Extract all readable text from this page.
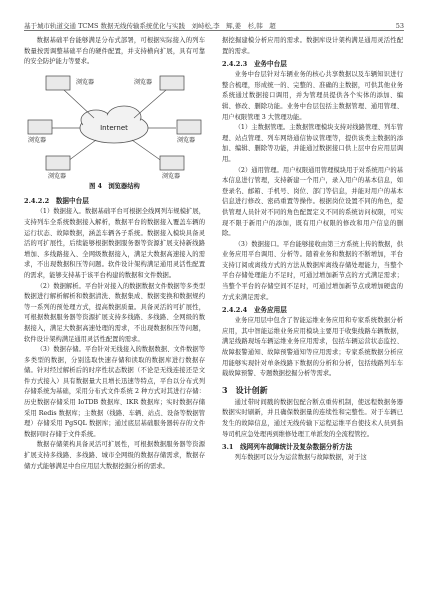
基于城市轨道交通 TCMS 数据无线传输系统优化与实践　刘峙松,李　辉,姜　杉,韩　超	53

数据基础平台能够满足分布式部署，可根据实际接入的列车数量按需调整基础平台的硬件配置，并支持横向扩展，具有可靠的安全防护能力等要求。

Internet
浏览器	浏览器
浏览器	浏览器
浏览器	浏览器

图 4　浏览器结构

2.4.2.2　数据中台层

（1）数据接入。数据基础平台可根据全线网列车规模扩展，支持列车全系统数据接入解析，数据平台的数据接入覆盖车辆的运行状态、故障数据，涵盖车辆各子系统。数据接入模块具备灵活的可扩展性，后续能够根据数据服务器等资源扩展支持新线路增加、多线路接入、全网级数据接入，满足大数据高速接入的需求，不出现数据积压等问题。软件设计架构满足通用灵活性配置的需求，能够支持基于该平台构建的数据和文件数据。

（2）数据解析。平台针对接入的数据数据文件数据等多类型数据进行解析解析和数据清洗、数据集成、数据变换和数据规约等一系列的预处理方式，提高数据质量。具备灵活的可扩展性，可根据数据服务器等资源扩展支持多线路、多线路、全网级的数据接入，满足大数据高速处理的需求，不出现数据积压等问题，软件设计架构满足通用灵活性配置的需求。

（3）数据存储。平台针对无线接入的数据数据、文件数据等多类型的数据，分别选取快速存储和读取的数据库进行数据存储。针对经过解析后的时序性状态数据（不论是无线连接还是文件方式接入）具有数据量大且增长迅速等特点，平台以分布式列存储系统为基础，采用分布式文件系统 2 种方式对其进行存储：历史数据存储采用 IoTDB 数据库、IKR 数据库；实时数据存储采用 Redis 数据库；主数据（线路、车辆、站点、设备等数据管理）存储采用 PgSQL 数据库；通过底层基础服务器转存的文件数据同时存储于文件系统。

数据存储架构具备灵活可扩展性，可根据数据服务器等资源扩展支持多线路、多线路、城市全网级的数据存储需求，数据存储方式能够满足中台应用层大数据挖掘分析的需求。

据挖掘建模分析应用的需求。数据库设计架构满足通用灵活性配置的需求。

2.4.2.3　业务中台层

业务中台层针对车辆业务的核心共享数据以及车辆知识进行整合梳理，形成统一的、完整的、准确的主数据，可供其他业务系统通过数据接口调用，并为管理员提供各个实体的添加、编辑、修改、删除功能。业务中台层包括主数据管理、通用管理、用户权限管理 3 大管理功能。

（1）主数据管理。主数据管理模块支持对线路管理、列车管理、站点管理、列车网络通信协议管理等，提供该类主数据的添加、编辑、删除等功能，并能通过数据接口供上层中台应用层调用。

（2）通用管理。用户权限通用管理模块用于对系统用户的基本信息进行管理，支持新建一个用户，录入用户的基本信息，如登录名、邮箱、手机号、岗位、部门等信息，并能对用户的基本信息进行修改、密码重置等操作。根据岗位设置不同的角色，提供管理人员针对不同的角色配置定义不同的系统访问权限，可实现不限于新用户的添加，既有用户权限的修改和用户信息的删除。

（3）数据接口。平台能够接收由第三方系统上传的数据，供业务应用平台调用、分析等。随着业务和数据的不断增加，平台支持订阅或离线方式的方法从数据库离线存储处理能力，当整个平台存储处理能力不足时，可通过增加新节点的方式满足需求；当整个平台的存储空间不足时，可通过增加新节点或增加硬盘的方式来满足需求。

2.4.2.4　业务应用层

业务应用层中包含了智能运维业务应用和专家系统数据分析应用，其中智能运维业务应用模块主要用于收集线路车辆数据，满足线路现场车辆运维业务应用需求，包括车辆运营状态监控、故障报警通知、故障预警通知等应用需求；专家系统数据分析应用能够实现针对单条线路下数据的分析和分析，包括线路列车车载故障预警、专题数据挖掘分析等需求。

3　设计创新

通过带时间戳的数据包配合断点重传机制，使远程数据务器数据实时刷新，并且确保数据量的连续性和完整性。对于车辆已发生的故障信息，通过无线传输下运程运维平台使技术人员到指导司机应急处理再到维修处理工单派发的全流程管控。

3.1　线网列车故障统计及复杂数据分析方法

列车数据可以分为运营数据与故障数据，对于这
